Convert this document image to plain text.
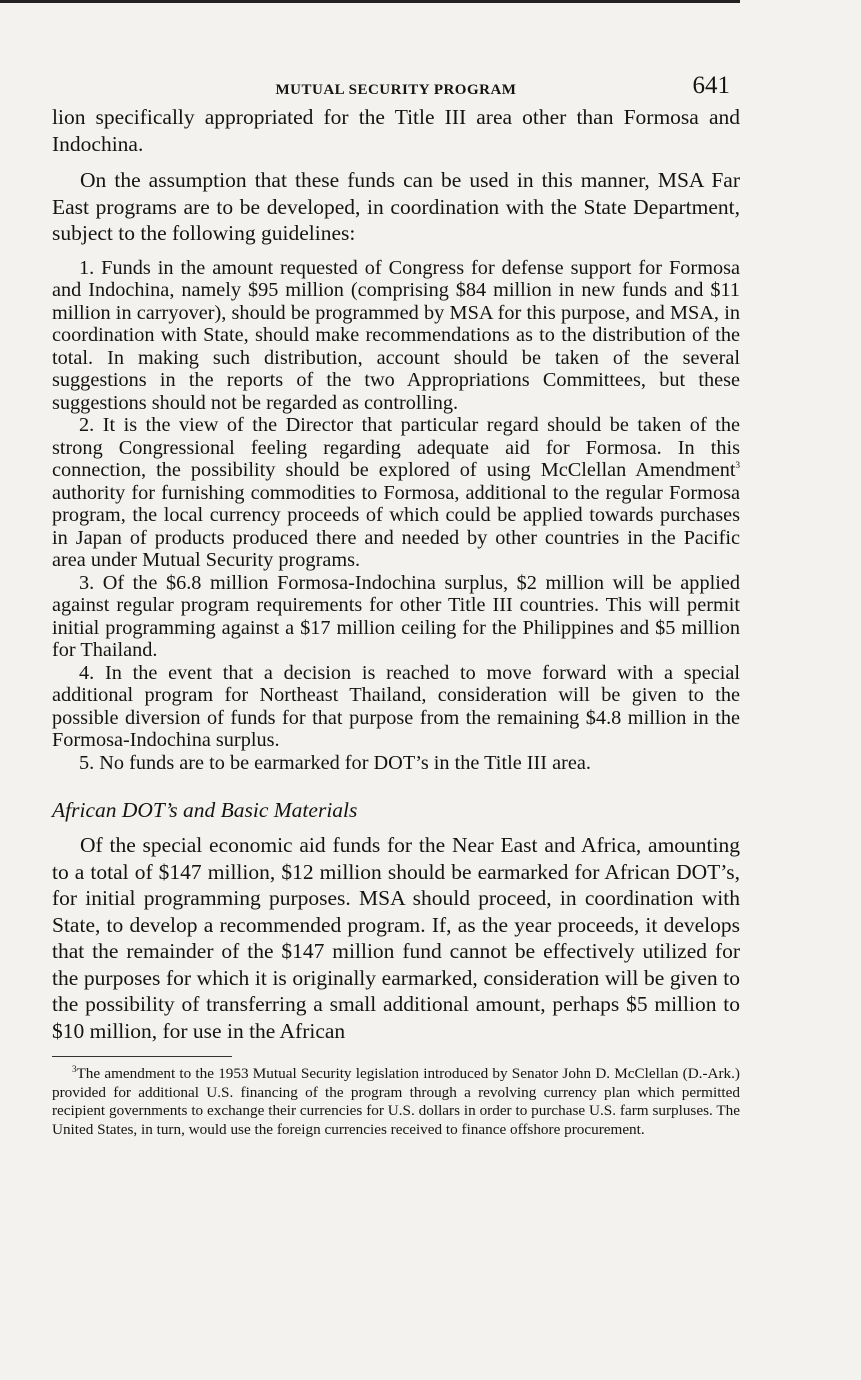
MUTUAL SECURITY PROGRAM	641

lion specifically appropriated for the Title III area other than Formosa and Indochina.

On the assumption that these funds can be used in this manner, MSA Far East programs are to be developed, in coordination with the State Department, subject to the following guidelines:

1. Funds in the amount requested of Congress for defense support for Formosa and Indochina, namely $95 million (comprising $84 million in new funds and $11 million in carryover), should be programmed by MSA for this purpose, and MSA, in coordination with State, should make recommendations as to the distribution of the total. In making such distribution, account should be taken of the several suggestions in the reports of the two Appropriations Committees, but these suggestions should not be regarded as controlling.

2. It is the view of the Director that particular regard should be taken of the strong Congressional feeling regarding adequate aid for Formosa. In this connection, the possibility should be explored of using McClellan Amendment$^3$ authority for furnishing commodities to Formosa, additional to the regular Formosa program, the local currency proceeds of which could be applied towards purchases in Japan of products produced there and needed by other countries in the Pacific area under Mutual Security programs.

3. Of the $6.8 million Formosa-Indochina surplus, $2 million will be applied against regular program requirements for other Title III countries. This will permit initial programming against a $17 million ceiling for the Philippines and $5 million for Thailand.

4. In the event that a decision is reached to move forward with a special additional program for Northeast Thailand, consideration will be given to the possible diversion of funds for that purpose from the remaining $4.8 million in the Formosa-Indochina surplus.

5. No funds are to be earmarked for DOT’s in the Title III area.

African DOT’s and Basic Materials

Of the special economic aid funds for the Near East and Africa, amounting to a total of $147 million, $12 million should be earmarked for African DOT’s, for initial programming purposes. MSA should proceed, in coordination with State, to develop a recommended program. If, as the year proceeds, it develops that the remainder of the $147 million fund cannot be effectively utilized for the purposes for which it is originally earmarked, consideration will be given to the possibility of transferring a small additional amount, perhaps $5 million to $10 million, for use in the African

$^3$The amendment to the 1953 Mutual Security legislation introduced by Senator John D. McClellan (D.-Ark.) provided for additional U.S. financing of the program through a revolving currency plan which permitted recipient governments to exchange their currencies for U.S. dollars in order to purchase U.S. farm surpluses. The United States, in turn, would use the foreign currencies received to finance offshore procurement.
